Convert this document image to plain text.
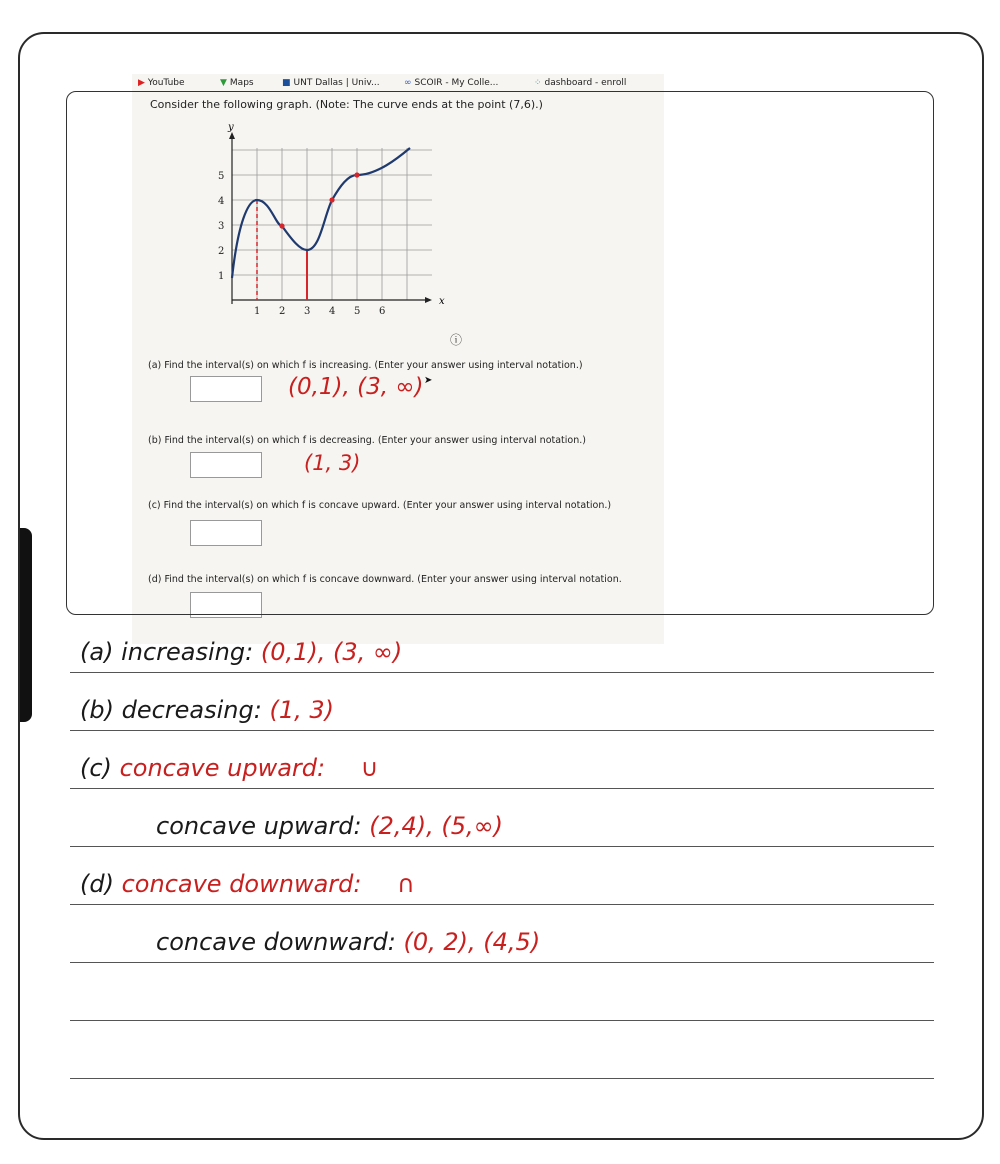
▶ YouTube	▼ Maps	■ UNT Dallas | Univ...	∞ SCOIR - My Colle...	⁘ dashboard - enroll
Consider the following graph. (Note: The curve ends at the point (7,6).)
x
y
1 2 3 4 5 6
5
4
3
2
1
ⓘ
(a) Find the interval(s) on which f is increasing. (Enter your answer using interval notation.)
(0,1), (3, ∞) ➤
(b) Find the interval(s) on which f is decreasing. (Enter your answer using interval notation.)
(1, 3)
(c) Find the interval(s) on which f is concave upward. (Enter your answer using interval notation.)
(d) Find the interval(s) on which f is concave downward. (Enter your answer using interval notation.
(a) increasing: (0,1), (3, ∞)
(b) decreasing: (1, 3)
(c) concave upward: ∪
concave upward: (2,4), (5,∞)
(d) concave downward: ∩
concave downward: (0, 2), (4,5)
